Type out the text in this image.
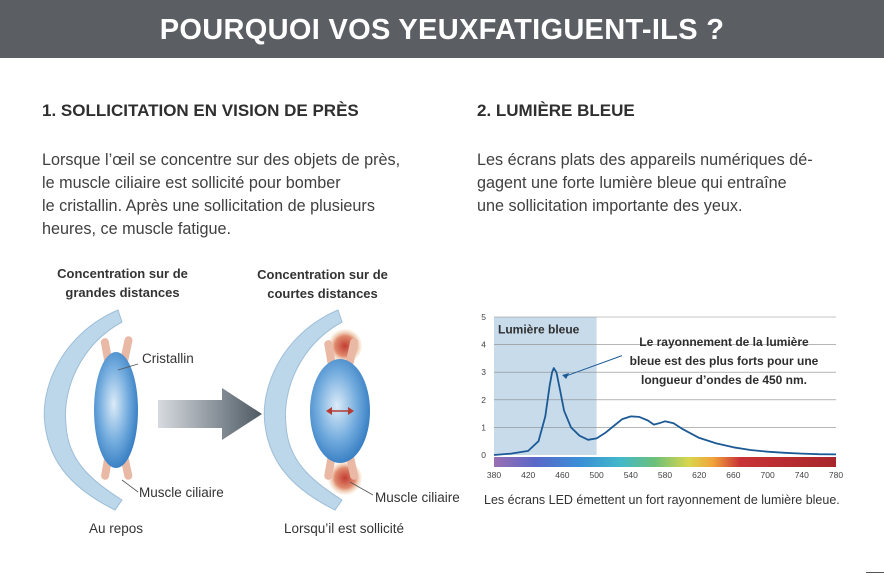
POURQUOI VOS YEUXFATIGUENT-ILS ?
1. SOLLICITATION EN VISION DE PRÈS
Lorsque l’œil se concentre sur des objets de près,
le muscle ciliaire est sollicité pour bomber
le cristallin. Après une sollicitation de plusieurs
heures, ce muscle fatigue.
2. LUMIÈRE BLEUE
Les écrans plats des appareils numériques dé-
gagent une forte lumière bleue qui entraîne
une sollicitation importante des yeux.
Concentration sur de
grandes distances
Concentration sur de
courtes distances
Cristallin
Muscle ciliaire	Muscle ciliaire
Au repos	Lorsqu’il est sollicité
0
1
2
3
4
5
380 420 460 500 540 580 620 660 700 740 780
Lumière bleue
Le rayonnement de la lumière
bleue est des plus forts pour une
longueur d’ondes de 450 nm.
Les écrans LED émettent un fort rayonnement de lumière bleue.
